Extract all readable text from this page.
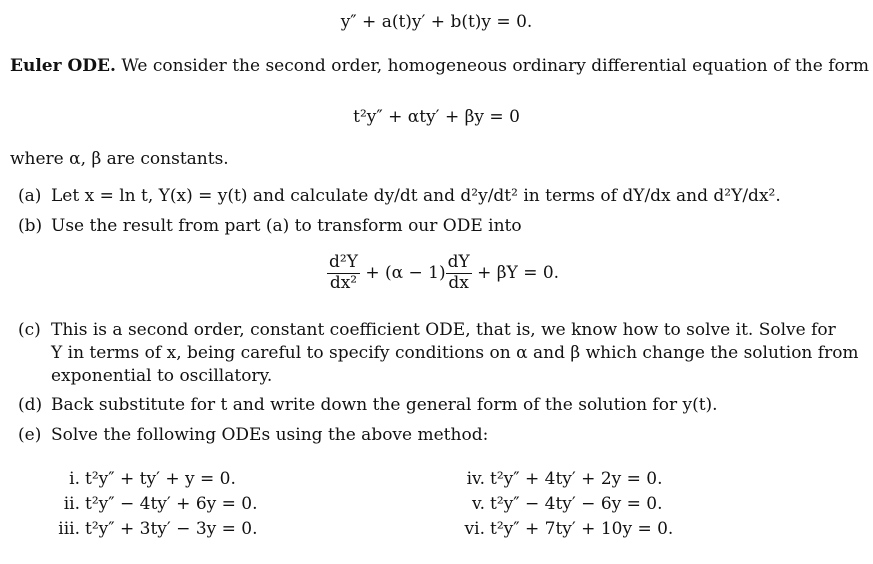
y″ + a(t)y′ + b(t)y = 0.
Euler ODE. We consider the second order, homogeneous ordinary differential equation of the form
t²y″ + αty′ + βy = 0
where α, β are constants.
(a) Let x = ln t, Y(x) = y(t) and calculate dy/dt and d²y/dt² in terms of dY/dx and d²Y/dx².
(b) Use the result from part (a) to transform our ODE into
$\frac{\text{d²Y}}{\text{dx²}} + (\alpha - 1) \frac{dY}{dx} + \beta Y = 0$.
(c) This is a second order, constant coefficient ODE, that is, we know how to solve it. Solve for
Y in terms of x, being careful to specify conditions on α and β which change the solution from
exponential to oscillatory.
(d) Back substitute for t and write down the general form of the solution for y(t).
(e) Solve the following ODEs using the above method:
i. t²y″ + ty′ + y = 0.
ii. t²y″ − 4ty′ + 6y = 0.
iii. t²y″ + 3ty′ − 3y = 0.
iv. t²y″ + 4ty′ + 2y = 0.
v. t²y″ − 4ty′ − 6y = 0.
vi. t²y″ + 7ty′ + 10y = 0.
